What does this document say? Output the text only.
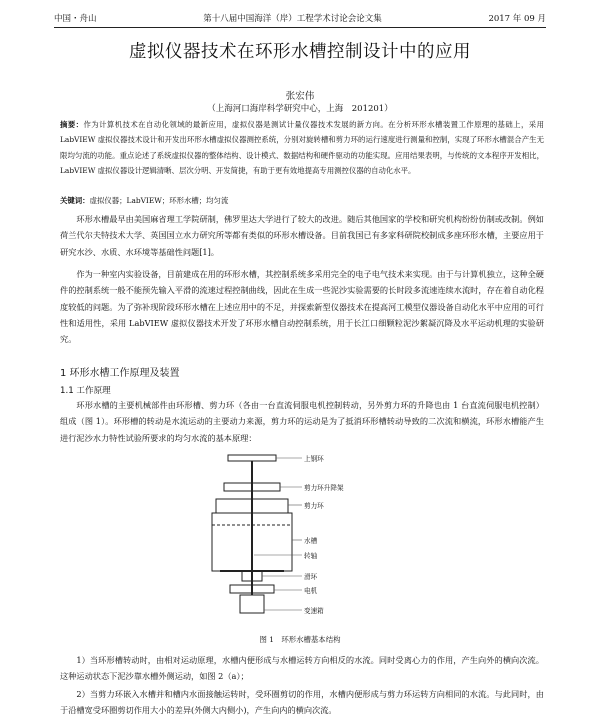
中国・舟山	第十八届中国海洋（岸）工程学术讨论会论文集	2017 年 09 月
虚拟仪器技术在环形水槽控制设计中的应用
张宏伟
（上海河口海岸科学研究中心，上海　201201）
摘要：作为计算机技术在自动化领域的最新应用，虚拟仪器是测试计量仪器技术发展的新方向。在分析环形水槽装置工作原理的基础上，采用 LabVIEW 虚拟仪器技术设计和开发出环形水槽虚拟仪器测控系统，分别对旋转槽和剪力环的运行速度进行测量和控制，实现了环形水槽混合产生无限均匀流的功能。重点论述了系统虚拟仪器的整体结构、设计模式、数据结构和硬件驱动的功能实现。应用结果表明，与传统的文本程序开发相比，LabVIEW 虚拟仪器设计逻辑清晰、层次分明、开发简捷，有助于更有效地提高专用测控仪器的自动化水平。
关键词：虚拟仪器；LabVIEW；环形水槽；均匀流
环形水槽最早由美国麻省理工学院研制，佛罗里达大学进行了较大的改进。随后其他国家的学校和研究机构纷纷仿制或改制。例如荷兰代尔夫特技术大学、英国国立水力研究所等都有类似的环形水槽设备。目前我国已有多家科研院校制成多座环形水槽，主要应用于研究水沙、水质、水环境等基础性问题[1]。
作为一种室内实验设备，目前建成在用的环形水槽，其控制系统多采用完全的电子电气技术来实现。由于与计算机独立，这种全硬件的控制系统一般不能预先输入平滑的流速过程控制曲线，因此在生成一些泥沙实验需要的长时段多流速连续水流时，存在着自动化程度较低的问题。为了弥补现阶段环形水槽在上述应用中的不足，并探索新型仪器技术在提高河工模型仪器设备自动化水平中应用的可行性和适用性，采用 LabVIEW 虚拟仪器技术开发了环形水槽自动控制系统，用于长江口细颗粒泥沙絮凝沉降及水平运动机理的实验研究。
1 环形水槽工作原理及装置
1.1 工作原理
环形水槽的主要机械部件由环形槽、剪力环（各由一台直流伺服电机控制转动，另外剪力环的升降也由 1 台直流伺服电机控制）组成（图 1）。环形槽的转动是水流运动的主要动力来源，剪力环的运动是为了抵消环形槽转动导致的二次流和横流，环形水槽能产生进行泥沙水力特性试验所要求的均匀水流的基本原理：
上钢环
剪力环升降架
剪力环
水槽
转轴
滑环
电机
变速箱
图 1　环形水槽基本结构
1）当环形槽转动时，由相对运动原理，水槽内便形成与水槽运转方向相反的水流。同时受离心力的作用，产生向外的横向次流。这种运动状态下泥沙靠水槽外侧运动，如图 2（a）；
2）当剪力环嵌入水槽并和槽内水面接触运转时，受环圈剪切的作用，水槽内便形成与剪力环运转方向相同的水流。与此同时，由于沿槽宽受环圈剪切作用大小的差异(外侧大内侧小)，产生向内的横向次流。
